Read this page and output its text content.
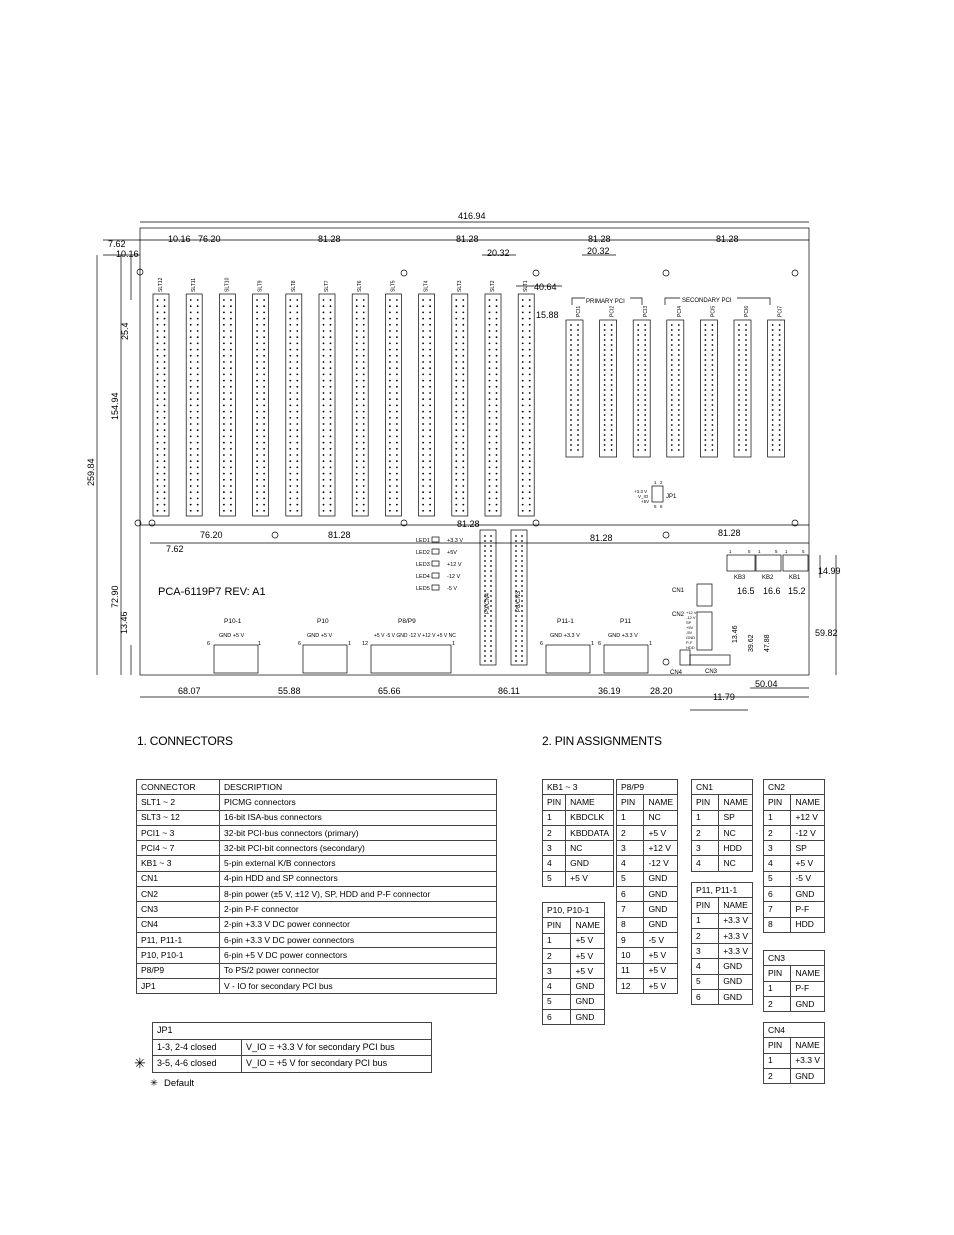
416.94
7.62
10.16
10.16 76.20	81.28	81.28	81.28	81.28
20.32	20.32
40.64
15.88
25.4
154.94
259.84
81.28
76.20	81.28	81.28	81.28
7.62
72.90
13.46
14.99
16.5 16.6 15.2
59.82
39.62 47.88
13.46
50.04
11.79
68.07	55.88	65.66	86.11	36.19	28.20
PCA-6119P7 REV: A1
PRIMARY PCI	SECONDARY PCI
JP1
+3.3 V
V_IO
+5V
1 2
5 6
LED1	+3.3 V
LED2	+5V
LED3	+12 V
LED4	-12 V
LED5	-5 V
P9/CN4	P8/CN3
P10-1
GND +5 V
6	1
P10
GND +5 V
6	1
P8/P9
+5 V -5 V GND -12 V +12 V +5 V NC
12	1
P11-1
GND +3.3 V
6	1
P11
GND +3.3 V
6	1
KB3	KB2	KB1
1	5 1	5 1	5
CN1
CN2
CN3
CN4
+12 V
-12 V
SP
+5V
-5V
GND
P-F
HDD
SLT12	SLT11	SLT10	SLT9	SLT8	SLT7	SLT6	SLT5	SLT4	SLT3	SLT2	SLT1
PCI1	PCI2	PCI3	PCI4	PCI5	PCI6	PCI7
1. CONNECTORS	2. PIN ASSIGNMENTS
CONNECTOR	DESCRIPTION
SLT1 ~ 2	PICMG connectors
SLT3 ~ 12	16-bit ISA-bus connectors
PCI1 ~ 3	32-bit PCI-bus connectors (primary)
PCI4 ~ 7	32-bit PCI-bit connectors (secondary)
KB1 ~ 3	5-pin external K/B connectors
CN1	4-pin HDD and SP connectors
CN2	8-pin power (±5 V, ±12 V), SP, HDD and P-F connector
CN3	2-pin P-F connector
CN4	2-pin +3.3 V DC power connector
P11, P11-1	6-pin +3.3 V DC power connectors
P10, P10-1	6-pin +5 V DC power connectors
P8/P9	To PS/2 power connector
JP1	V - IO for secondary PCI bus
JP1	
1-3, 2-4 closed	V_IO = +3.3 V for secondary PCI bus
3-5, 4-6 closed	V_IO = +5 V for secondary PCI bus
✳
✳ Default
KB1 ~ 3	
PIN	NAME
1	KBDCLK
2	KBDDATA
3	NC
4	GND
5	+5 V
P10, P10-1	
PIN	NAME
1	+5 V
2	+5 V
3	+5 V
4	GND
5	GND
6	GND
P8/P9	
PIN	NAME
1	NC
2	+5 V
3	+12 V
4	-12 V
5	GND
6	GND
7	GND
8	GND
9	-5 V
10	+5 V
11	+5 V
12	+5 V
CN1	
PIN	NAME
1	SP
2	NC
3	HDD
4	NC
P11, P11-1	
PIN	NAME
1	+3.3 V
2	+3.3 V
3	+3.3 V
4	GND
5	GND
6	GND
CN2	
PIN	NAME
1	+12 V
2	-12 V
3	SP
4	+5 V
5	-5 V
6	GND
7	P-F
8	HDD
CN3	
PIN	NAME
1	P-F
2	GND
CN4	
PIN	NAME
1	+3.3 V
2	GND
